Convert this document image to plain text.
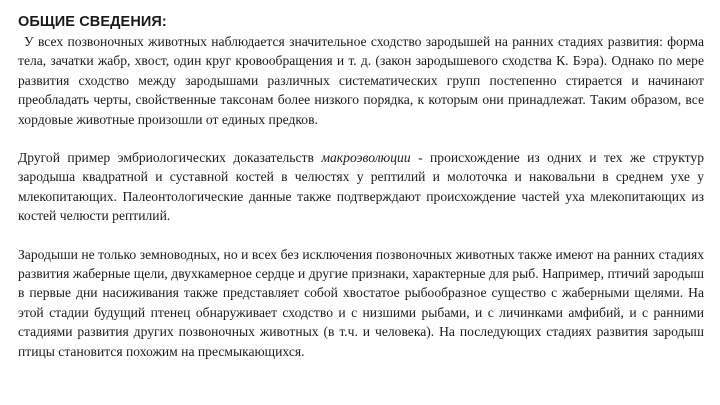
ОБЩИЕ СВЕДЕНИЯ:

У всех позвоночных животных наблюдается значительное сходство зародышей на ранних стадиях развития: форма тела, зачатки жабр, хвост, один круг кровообращения и т. д. (закон зародышевого сходства К. Бэра). Однако по мере развития сходство между зародышами различных систематических групп постепенно стирается и начинают преобладать черты, свойственные таксонам более низкого порядка, к которым они принадлежат. Таким образом, все хордовые животные произошли от единых предков.

Другой пример эмбриологических доказательств макроэволюции - происхождение из одних и тех же структур зародыша квадратной и суставной костей в челюстях у рептилий и молоточка и наковальни в среднем ухе у млекопитающих. Палеонтологические данные также подтверждают происхождение частей уха млекопитающих из костей челюсти рептилий.

Зародыши не только земноводных, но и всех без исключения позвоночных животных также имеют на ранних стадиях развития жаберные щели, двухкамерное сердце и другие признаки, характерные для рыб. Например, птичий зародыш в первые дни насиживания также представляет собой хвостатое рыбообразное существо с жаберными щелями. На этой стадии будущий птенец обнаруживает сходство и с низшими рыбами, и с личинками амфибий, и с ранними стадиями развития других позвоночных животных (в т.ч. и человека). На последующих стадиях развития зародыш птицы становится похожим на пресмыкающихся.
